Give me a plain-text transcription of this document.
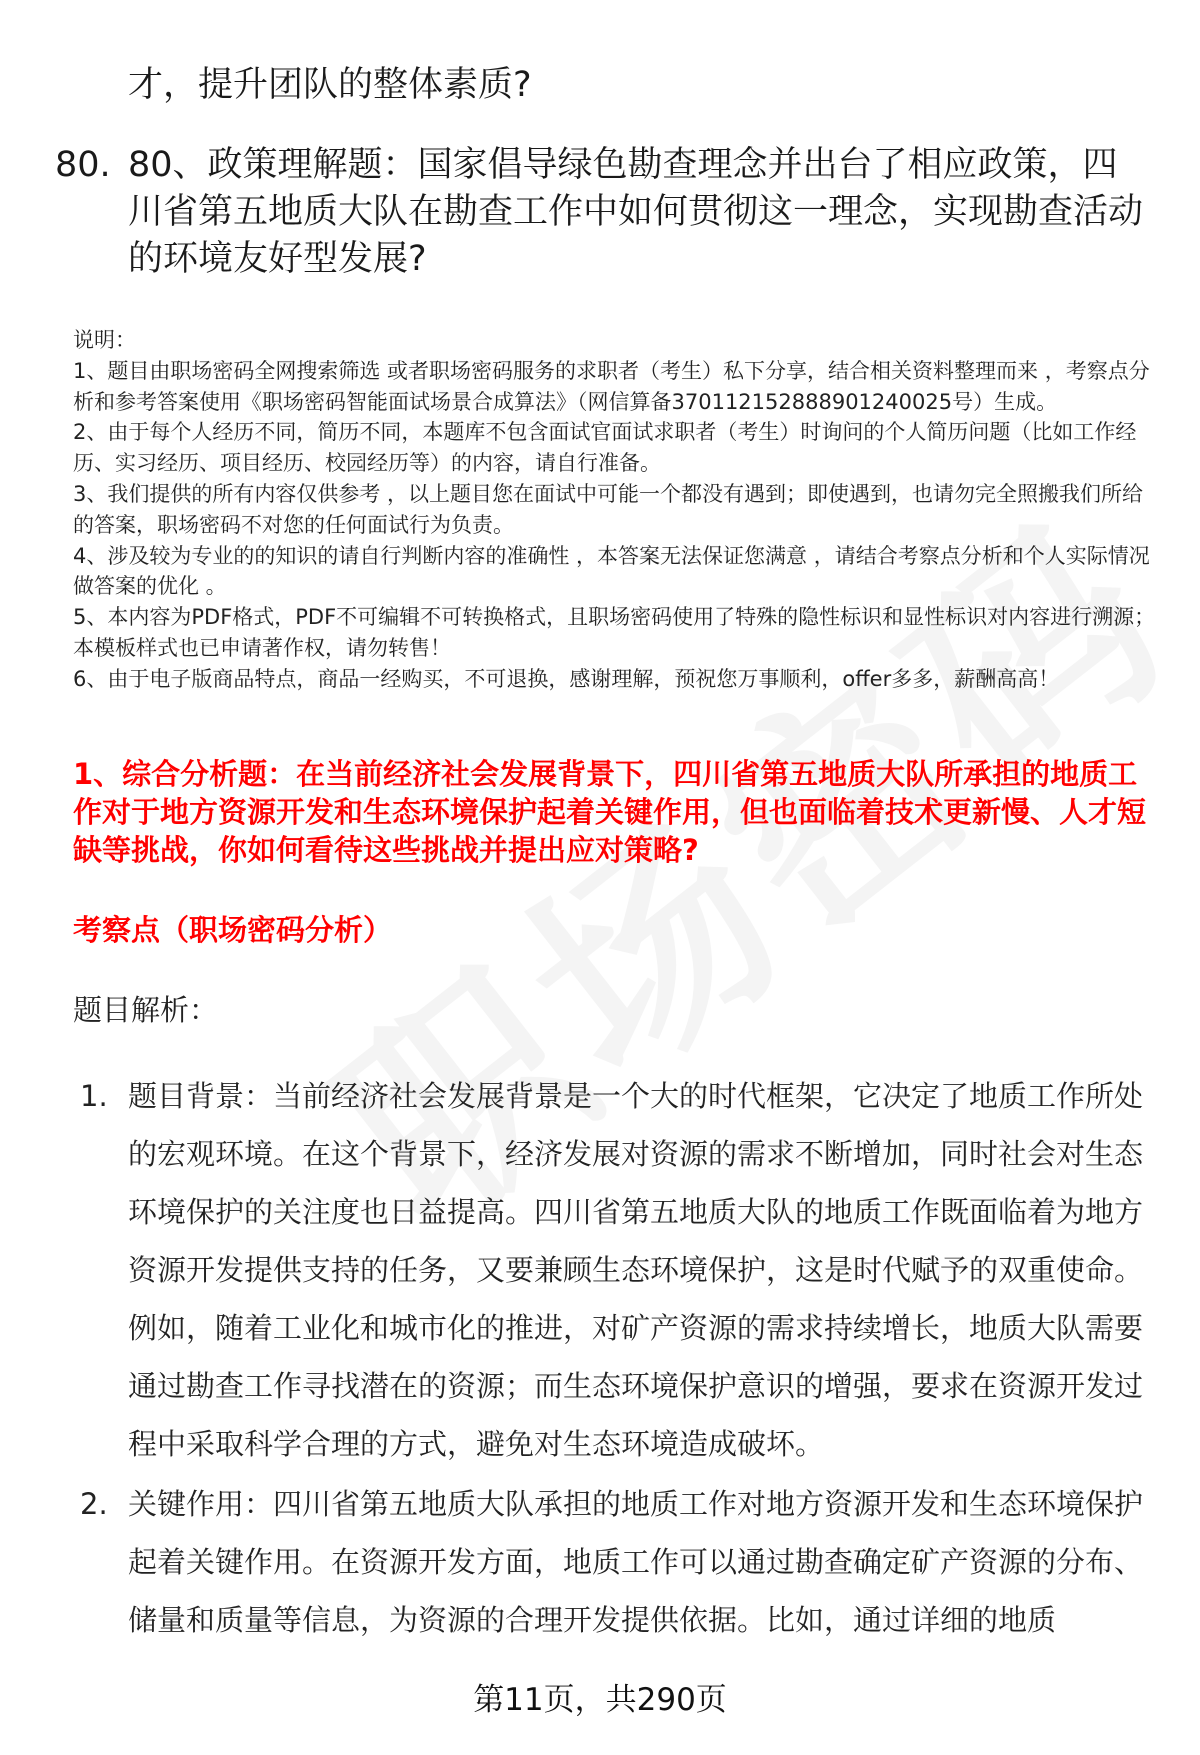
才，提升团队的整体素质?
80. 80、政策理解题：国家倡导绿色勘查理念并出台了相应政策，四川省第五地质大队在勘查工作中如何贯彻这一理念，实现勘查活动的环境友好型发展?

说明：

1、题目由职场密码全网搜索筛选 或者职场密码服务的求职者（考生）私下分享，结合相关资料整理而来 ，考察点分析和参考答案使用《职场密码智能面试场景合成算法》（网信算备370112152888901240025号）生成。

2、由于每个人经历不同，简历不同，本题库不包含面试官面试求职者（考生）时询问的个人简历问题（比如工作经历、实习经历、项目经历、校园经历等）的内容，请自行准备。

3、我们提供的所有内容仅供参考 ，以上题目您在面试中可能一个都没有遇到；即使遇到，也请勿完全照搬我们所给的答案，职场密码不对您的任何面试行为负责。

4、涉及较为专业的的知识的请自行判断内容的准确性 ，本答案无法保证您满意 ，请结合考察点分析和个人实际情况做答案的优化 。

5、本内容为PDF格式，PDF不可编辑不可转换格式，且职场密码使用了特殊的隐性标识和显性标识对内容进行溯源；本模板样式也已申请著作权，请勿转售！

6、由于电子版商品特点，商品一经购买，不可退换，感谢理解，预祝您万事顺利，offer多多，薪酬高高！

1、综合分析题：在当前经济社会发展背景下，四川省第五地质大队所承担的地质工作对于地方资源开发和生态环境保护起着关键作用，但也面临着技术更新慢、人才短缺等挑战，你如何看待这些挑战并提出应对策略?
考察点（职场密码分析）
题目解析：
1. 题目背景：当前经济社会发展背景是一个大的时代框架，它决定了地质工作所处的宏观环境。在这个背景下，经济发展对资源的需求不断增加，同时社会对生态环境保护的关注度也日益提高。四川省第五地质大队的地质工作既面临着为地方资源开发提供支持的任务，又要兼顾生态环境保护，这是时代赋予的双重使命。例如，随着工业化和城市化的推进，对矿产资源的需求持续增长，地质大队需要通过勘查工作寻找潜在的资源；而生态环境保护意识的增强，要求在资源开发过程中采取科学合理的方式，避免对生态环境造成破坏。
2. 关键作用：四川省第五地质大队承担的地质工作对地方资源开发和生态环境保护起着关键作用。在资源开发方面，地质工作可以通过勘查确定矿产资源的分布、储量和质量等信息，为资源的合理开发提供依据。比如，通过详细的地质
第11页，共290页
